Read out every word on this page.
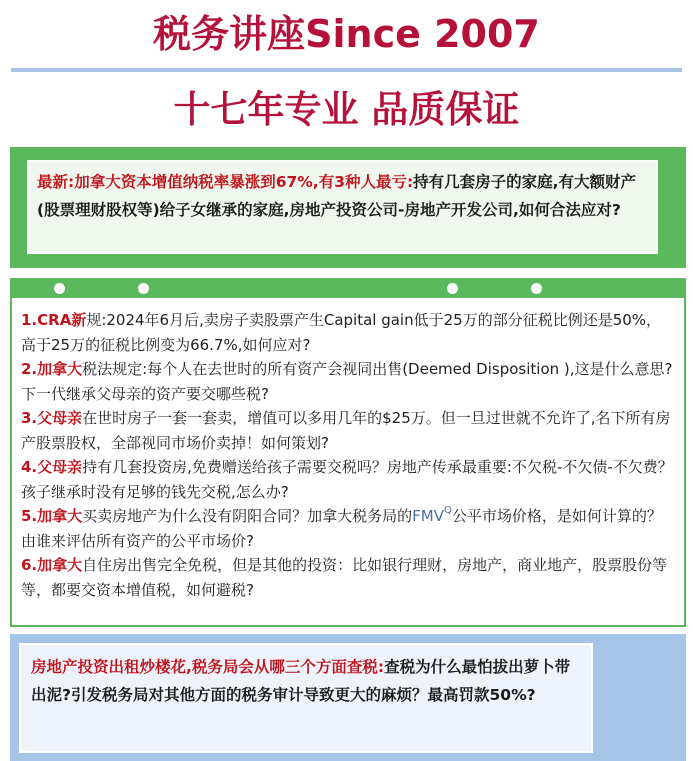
税务讲座Since 2007
十七年专业 品质保证
最新:加拿大资本增值纳税率暴涨到67%,有3种人最亏:持有几套房子的家庭,有大额财产(股票理财股权等)给子女继承的家庭,房地产投资公司-房地产开发公司,如何合法应对?

1.CRA新规:2024年6月后,卖房子卖股票产生Capital gain低于25万的部分征税比例还是50%，高于25万的征税比例变为66.7%,如何应对?

2.加拿大税法规定:每个人在去世时的所有资产会视同出售(Deemed Disposition ),这是什么意思?下一代继承父母亲的资产要交哪些税?

3.父母亲在世时房子一套一套卖，增值可以多用几年的$25万。但一旦过世就不允许了,名下所有房产股票股权，全部视同市场价卖掉！如何策划?

4.父母亲持有几套投资房,免费赠送给孩子需要交税吗？房地产传承最重要:不欠税-不欠债-不欠费？孩子继承时没有足够的钱先交税,怎么办?

5.加拿大买卖房地产为什么没有阴阳合同？加拿大税务局的$FMV^Q$公平市场价格，是如何计算的？由谁来评估所有资产的公平市场价?

6.加拿大自住房出售完全免税，但是其他的投资：比如银行理财，房地产，商业地产，股票股份等等，都要交资本增值税，如何避税?

房地产投资出租炒楼花,税务局会从哪三个方面查税:查税为什么最怕拔出萝卜带出泥?引发税务局对其他方面的税务审计导致更大的麻烦？最高罚款50%?
